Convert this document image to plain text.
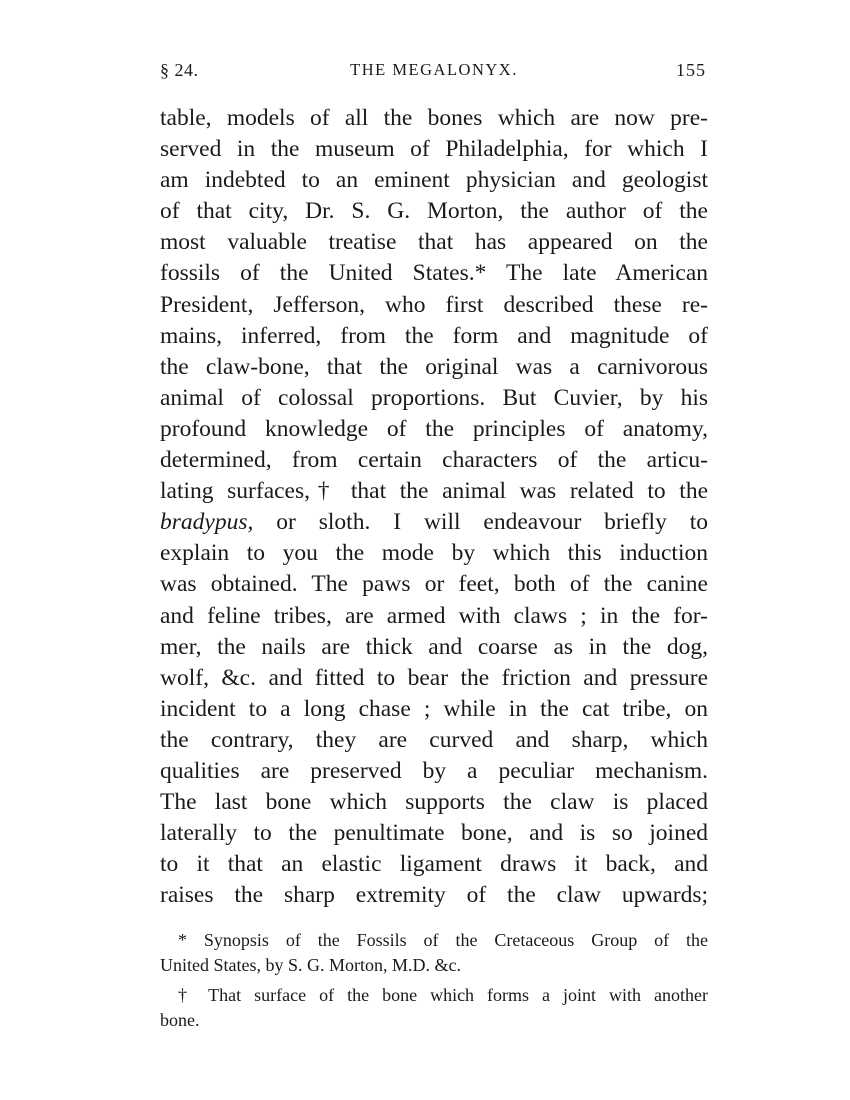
§ 24.	THE MEGALONYX.	155
table, models of all the bones which are now pre-
served in the museum of Philadelphia, for which I
am indebted to an eminent physician and geologist
of that city, Dr. S. G. Morton, the author of the
most valuable treatise that has appeared on the
fossils of the United States.* The late American
President, Jefferson, who first described these re-
mains, inferred, from the form and magnitude of
the claw-bone, that the original was a carnivorous
animal of colossal proportions. But Cuvier, by his
profound knowledge of the principles of anatomy,
determined, from certain characters of the articu-
lating surfaces,† that the animal was related to the
bradypus, or sloth. I will endeavour briefly to
explain to you the mode by which this induction
was obtained. The paws or feet, both of the canine
and feline tribes, are armed with claws ; in the for-
mer, the nails are thick and coarse as in the dog,
wolf, &c. and fitted to bear the friction and pressure
incident to a long chase ; while in the cat tribe, on
the contrary, they are curved and sharp, which
qualities are preserved by a peculiar mechanism.
The last bone which supports the claw is placed
laterally to the penultimate bone, and is so joined
to it that an elastic ligament draws it back, and
raises the sharp extremity of the claw upwards;
* Synopsis of the Fossils of the Cretaceous Group of the
United States, by S. G. Morton, M.D. &c.
† That surface of the bone which forms a joint with another
bone.
